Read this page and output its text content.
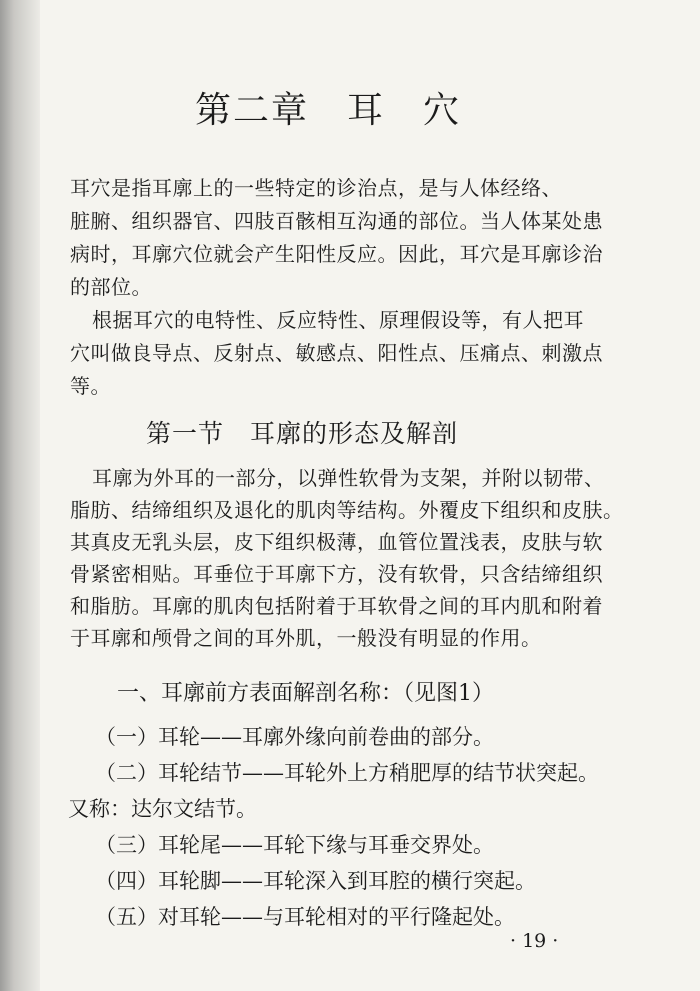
第二章　耳　穴

耳穴是指耳廓上的一些特定的诊治点，是与人体经络、

脏腑、组织器官、四肢百骸相互沟通的部位。当人体某处患

病时，耳廓穴位就会产生阳性反应。因此，耳穴是耳廓诊治

的部位。

根据耳穴的电特性、反应特性、原理假设等，有人把耳

穴叫做良导点、反射点、敏感点、阳性点、压痛点、刺激点

等。

第一节　耳廓的形态及解剖

耳廓为外耳的一部分，以弹性软骨为支架，并附以韧带、

脂肪、结缔组织及退化的肌肉等结构。外覆皮下组织和皮肤。

其真皮无乳头层，皮下组织极薄，血管位置浅表，皮肤与软

骨紧密相贴。耳垂位于耳廓下方，没有软骨，只含结缔组织

和脂肪。耳廓的肌肉包括附着于耳软骨之间的耳内肌和附着

于耳廓和颅骨之间的耳外肌，一般没有明显的作用。

一、耳廓前方表面解剖名称：（见图1）

（一）耳轮——耳廓外缘向前卷曲的部分。

（二）耳轮结节——耳轮外上方稍肥厚的结节状突起。

又称：达尔文结节。

（三）耳轮尾——耳轮下缘与耳垂交界处。

（四）耳轮脚——耳轮深入到耳腔的横行突起。

（五）对耳轮——与耳轮相对的平行隆起处。

· 19 ·
